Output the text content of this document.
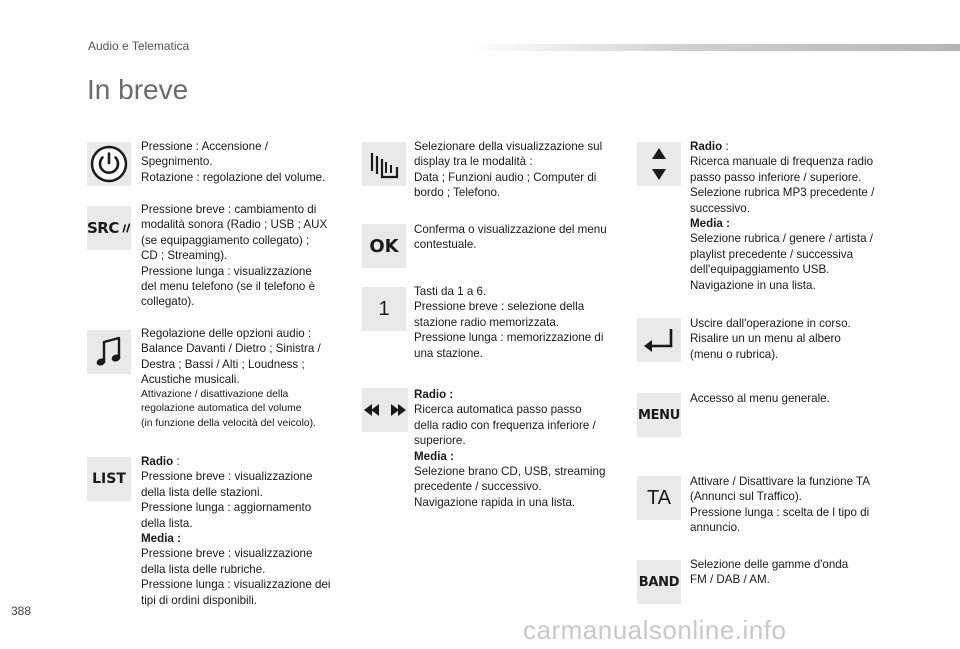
Audio e Telematica
In breve

Pressione : Accensione /

Spegnimento.

Rotazione : regolazione del volume.

SRC

Pressione breve : cambiamento di

modalità sonora (Radio ; USB ; AUX

(se equipaggiamento collegato) ;

CD ; Streaming).

Pressione lunga : visualizzazione

del menu telefono (se il telefono è

collegato).

Regolazione delle opzioni audio :

Balance Davanti / Dietro ; Sinistra /

Destra ; Bassi / Alti ; Loudness ;

Acustiche musicali.

Attivazione / disattivazione della

regolazione automatica del volume

(in funzione della velocità del veicolo).

LIST

Radio :

Pressione breve : visualizzazione

della lista delle stazioni.

Pressione lunga : aggiornamento

della lista.

Media :

Pressione breve : visualizzazione

della lista delle rubriche.

Pressione lunga : visualizzazione dei

tipi di ordini disponibili.

Selezionare della visualizzazione sul

display tra le modalità :

Data ; Funzioni audio ; Computer di

bordo ; Telefono.

OK

Conferma o visualizzazione del menu

contestuale.

1

Tasti da 1 a 6.

Pressione breve : selezione della

stazione radio memorizzata.

Pressione lunga : memorizzazione di

una stazione.

Radio :

Ricerca automatica passo passo

della radio con frequenza inferiore /

superiore.

Media :

Selezione brano CD, USB, streaming

precedente / successivo.

Navigazione rapida in una lista.

Radio :

Ricerca manuale di frequenza radio

passo passo inferiore / superiore.

Selezione rubrica MP3 precedente /

successivo.

Media :

Selezione rubrica / genere / artista /

playlist precedente / successiva

dell'equipaggiamento USB.

Navigazione in una lista.

Uscire dall'operazione in corso.

Risalire un un menu al albero

(menu o rubrica).

MENU

Accesso al menu generale.

TA

Attivare / Disattivare la funzione TA

(Annunci sul Traffico).

Pressione lunga : scelta de l tipo di

annuncio.

BAND

Selezione delle gamme d'onda

FM / DAB / AM.

388
carmanualsonline.info
